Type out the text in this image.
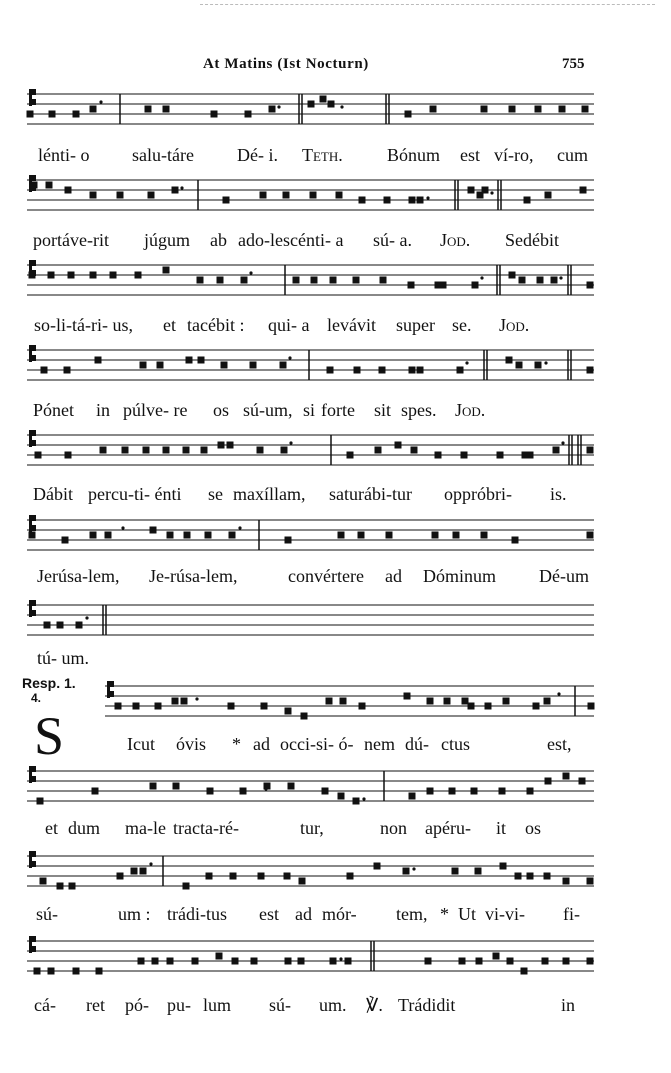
At Matins (Ist Nocturn)	755
lénti- o salu-táre Dé- i. Teth. Bónum est ví-ro, cum
portáve-rit júgum ab ado-lescénti- a sú- a. Jod. Sedébit
so-li-tá-ri- us, et tacébit : qui- a levávit super se. Jod.
Pónet in púlve- re os sú-um, si forte sit spes. Jod.
Dábit percu-ti- énti se maxíllam, saturábi-tur oppróbri- is.
Jerúsa-lem, Je-rúsa-lem,	convértere ad Dóminum Dé-um
tú- um.
Resp. 1.
4.
S	Icut óvis * ad occi-si- ó- nem dú- ctus	est,
et dum ma-le tracta-ré-	tur,	non apéru- it os
sú-	um : trádi-tus est ad mór- tem, * Ut vi-vi- fi-
cá- ret pó- pu- lum sú- um. ℣. Trádidit	in
